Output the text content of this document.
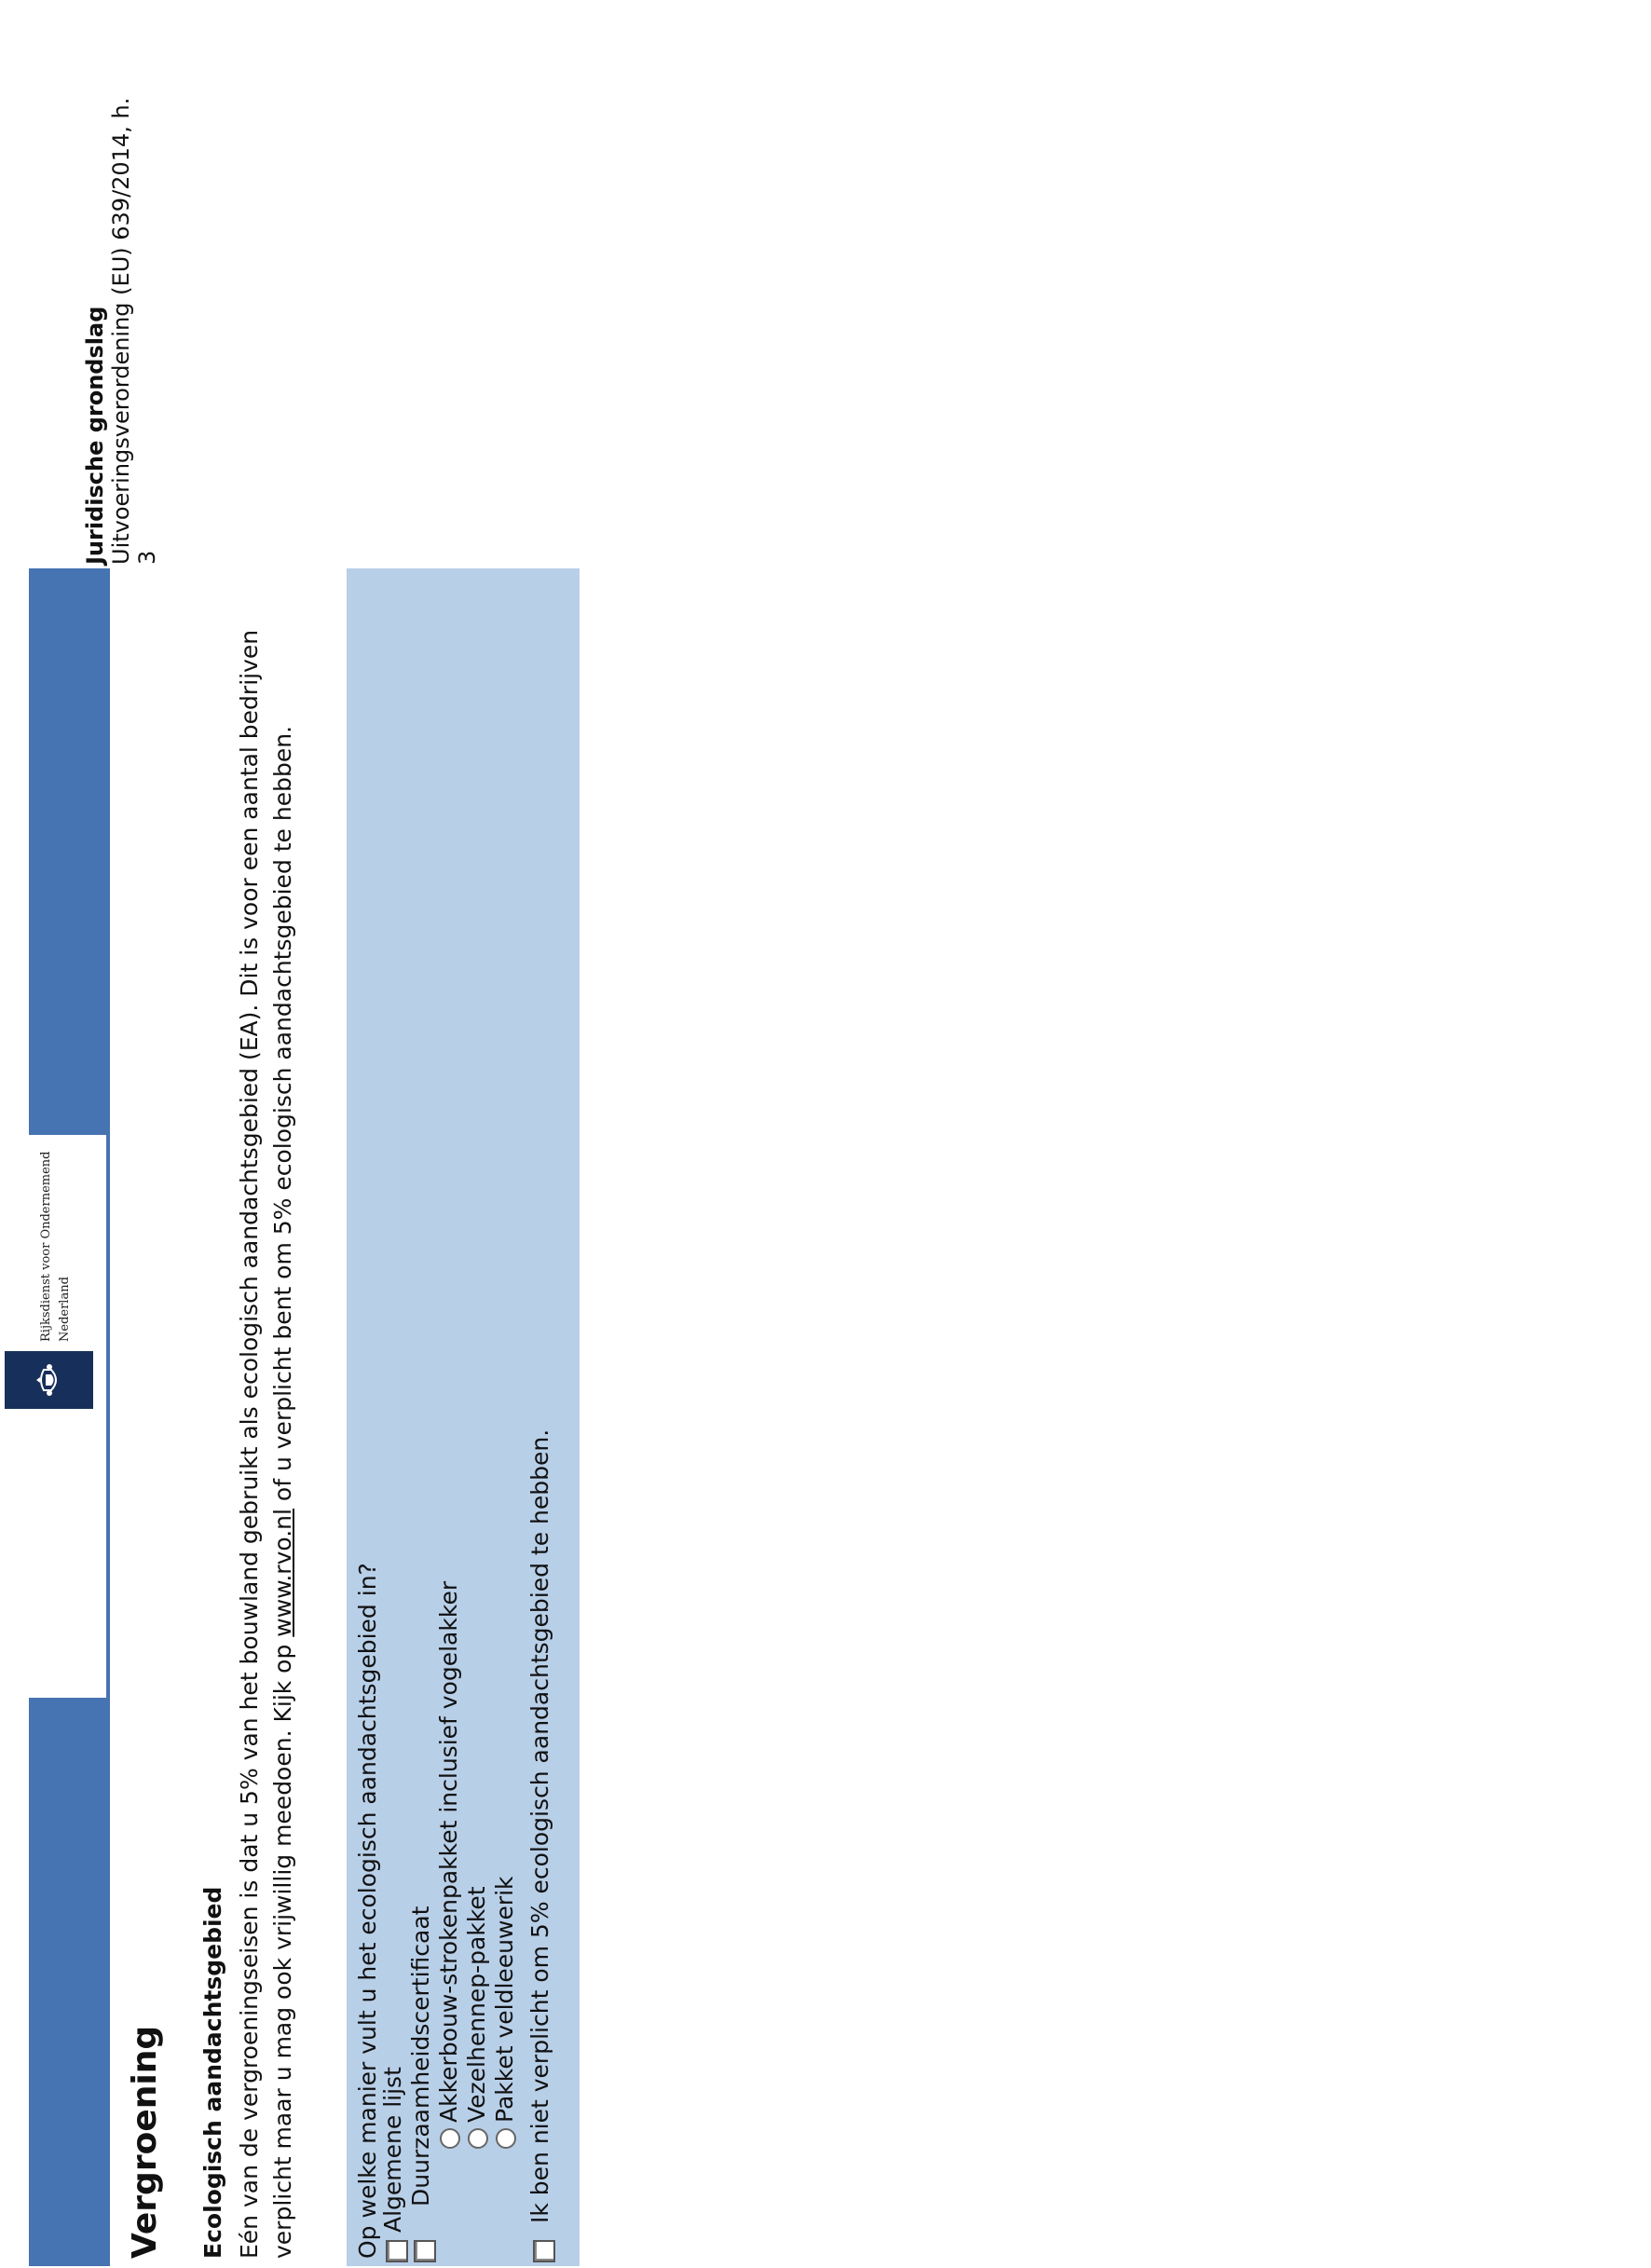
Rijksdienst voor Ondernemend Nederland
Juridische grondslag Uitvoeringsverordening (EU) 639/2014, h. 3
Vergroening Ecologisch aandachtsgebied Eén van de vergroeningseisen is dat u 5% van het bouwland gebruikt als ecologisch aandachtsgebied (EA). Dit is voor een aantal bedrijven verplicht maar u mag ook vrijwillig meedoen. Kijk op www.rvo.nl of u verplicht bent om 5% ecologisch aandachtsgebied te hebben.
Op welke manier vult u het ecologisch aandachtsgebied in?
Algemene lijst Duurzaamheidscertificaat Akkerbouw-strokenpakket inclusief vogelakker Vezelhennep-pakket Pakket veldleeuwerik Ik ben niet verplicht om 5% ecologisch aandachtsgebied te hebben.
